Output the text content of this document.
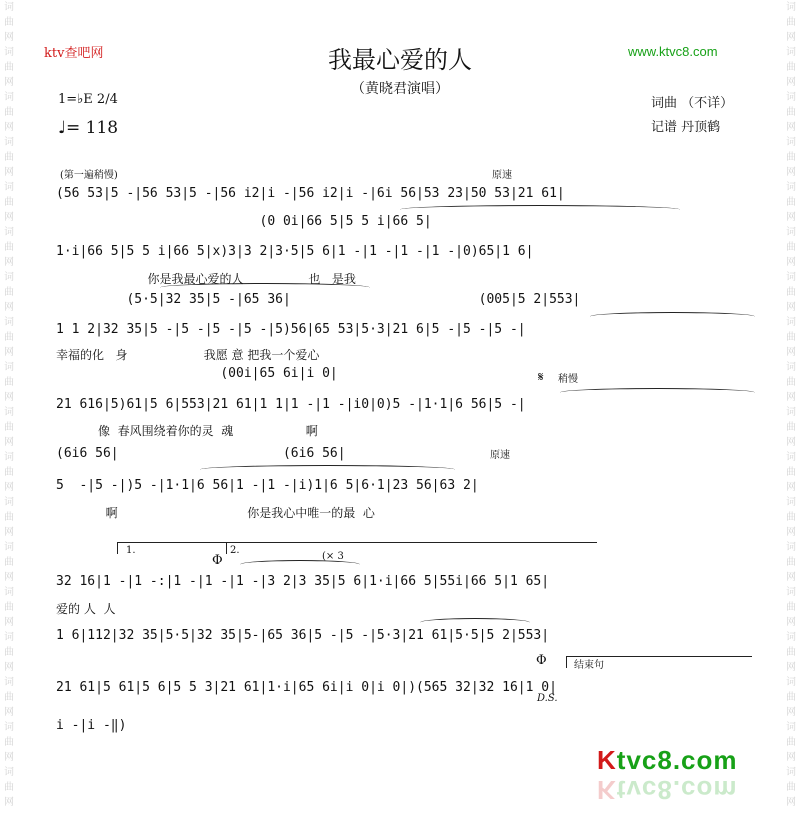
词曲网
词曲网
词曲网
词曲网
词曲网
词曲网
词曲网
词曲网
词曲网
词曲网
词曲网
词曲网
词曲网
词曲网
词曲网
词曲网
词曲网
词曲网
词曲网
词曲网
词曲网
词曲网
词曲网
词曲网
词曲网
词曲网
词曲网
词曲网
词曲网
词曲网
词曲网
词曲网
词曲网
词曲网
词曲网
词曲网
ktv查吧网	www.ktvc8.com
我最心爱的人
（黄晓君演唱）
1=♭E 2/4
♩= 118
词曲 （不详）
记谱 丹顶鹤
(第一遍稍慢)	原速
稍慢
𝄋
原速
1.	2.
(× 3
Φ
Φ	结束句
D.S.
(56 53|5 -|56 53|5 -|56 i2|i -|56 i2|i -|6i 56|53 23|50 53|21 61|
(0 0i|66 5|5 5 i|66 5|
1·i|66 5|5 5 i|66 5|x)3|3 2|3·5|5 6|1 -|1 -|1 -|1 -|0)65|1 6|
你是我最心爱的人                 也   是我
(5·5|32 35|5 -|65 36|                        (005|5 2|553|
1 1 2|32 35|5 -|5 -|5 -|5 -|5)56|65 53|5·3|21 6|5 -|5 -|5 -|
幸福的化   身                    我愿 意 把我一个爱心
(00i|65 6i|i 0|
21 616|5)61|5 6|553|21 61|1 1|1 -|1 -|i0|0)5 -|1·1|6 56|5 -|
像  春风围绕着你的灵  魂                   啊
(6i6 56|                     (6i6 56|
5  -|5 -|)5 -|1·1|6 56|1 -|1 -|i)1|6 5|6·1|23 56|63 2|
啊                                  你是我心中唯一的最  心
32 16|1 -|1 -:|1 -|1 -|1 -|3 2|3 35|5 6|1·i|66 5|55i|66 5|1 65|
爱的 人  人
1 6|112|32 35|5·5|32 35|5-|65 36|5 -|5 -|5·3|21 61|5·5|5 2|553|
21 61|5 61|5 6|5 5 3|21 61|1·i|65 6i|i 0|i 0|)(565 32|32 16|1 0|
i -|i -‖)
Ktvc8.com
Ktvc8.com
